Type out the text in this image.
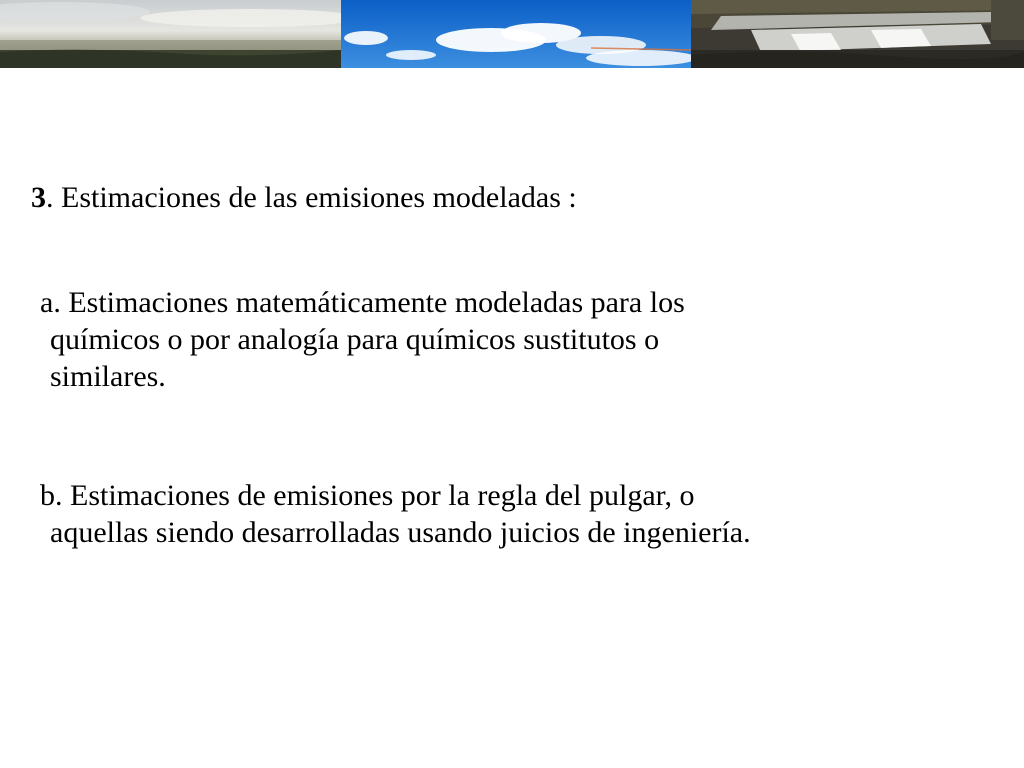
3. Estimaciones de las emisiones modeladas :
a. Estimaciones matemáticamente modeladas para los
químicos o por analogía para químicos sustitutos o
similares.
b. Estimaciones de emisiones por la regla del pulgar, o
aquellas siendo desarrolladas usando juicios de ingeniería.
